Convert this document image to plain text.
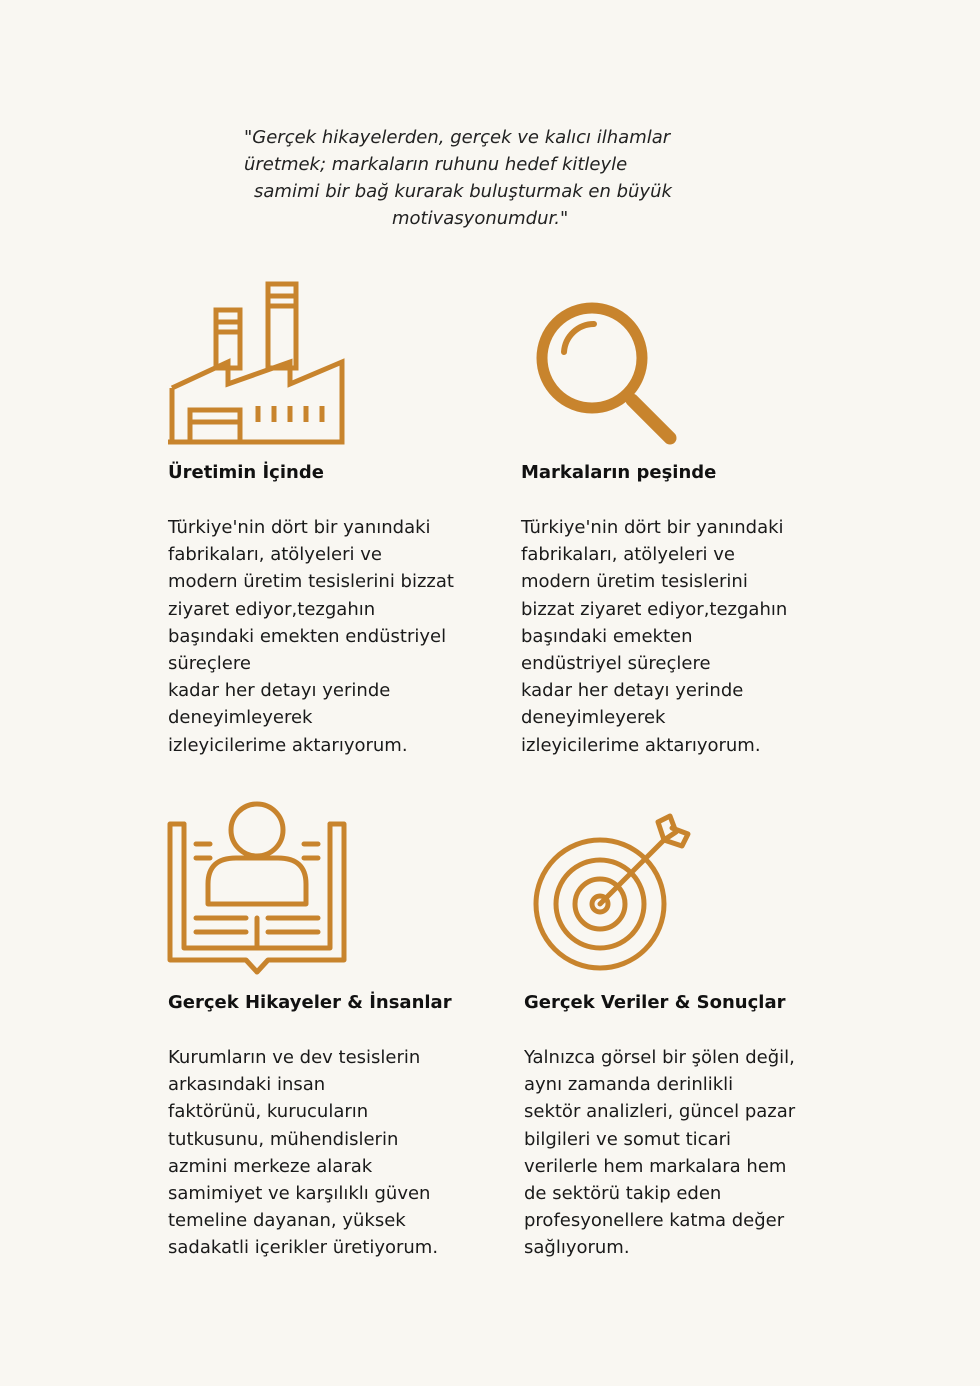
"Gerçek hikayelerden, gerçek ve kalıcı ilhamlar
üretmek; markaların ruhunu hedef kitleyle
samimi bir bağ kurarak buluşturmak en büyük
motivasyonumdur."
Üretimin İçinde
Türkiye'nin dört bir yanındaki
fabrikaları, atölyeleri ve
modern üretim tesislerini bizzat
ziyaret ediyor,tezgahın
başındaki emekten endüstriyel
süreçlere
kadar her detayı yerinde
deneyimleyerek
izleyicilerime aktarıyorum.
Markaların peşinde
Türkiye'nin dört bir yanındaki
fabrikaları, atölyeleri ve
modern üretim tesislerini
bizzat ziyaret ediyor,tezgahın
başındaki emekten
endüstriyel süreçlere
kadar her detayı yerinde
deneyimleyerek
izleyicilerime aktarıyorum.
Gerçek Hikayeler & İnsanlar
Kurumların ve dev tesislerin
arkasındaki insan
faktörünü, kurucuların
tutkusunu, mühendislerin
azmini merkeze alarak
samimiyet ve karşılıklı güven
temeline dayanan, yüksek
sadakatli içerikler üretiyorum.
Gerçek Veriler & Sonuçlar
Yalnızca görsel bir şölen değil,
aynı zamanda derinlikli
sektör analizleri, güncel pazar
bilgileri ve somut ticari
verilerle hem markalara hem
de sektörü takip eden
profesyonellere katma değer
sağlıyorum.
